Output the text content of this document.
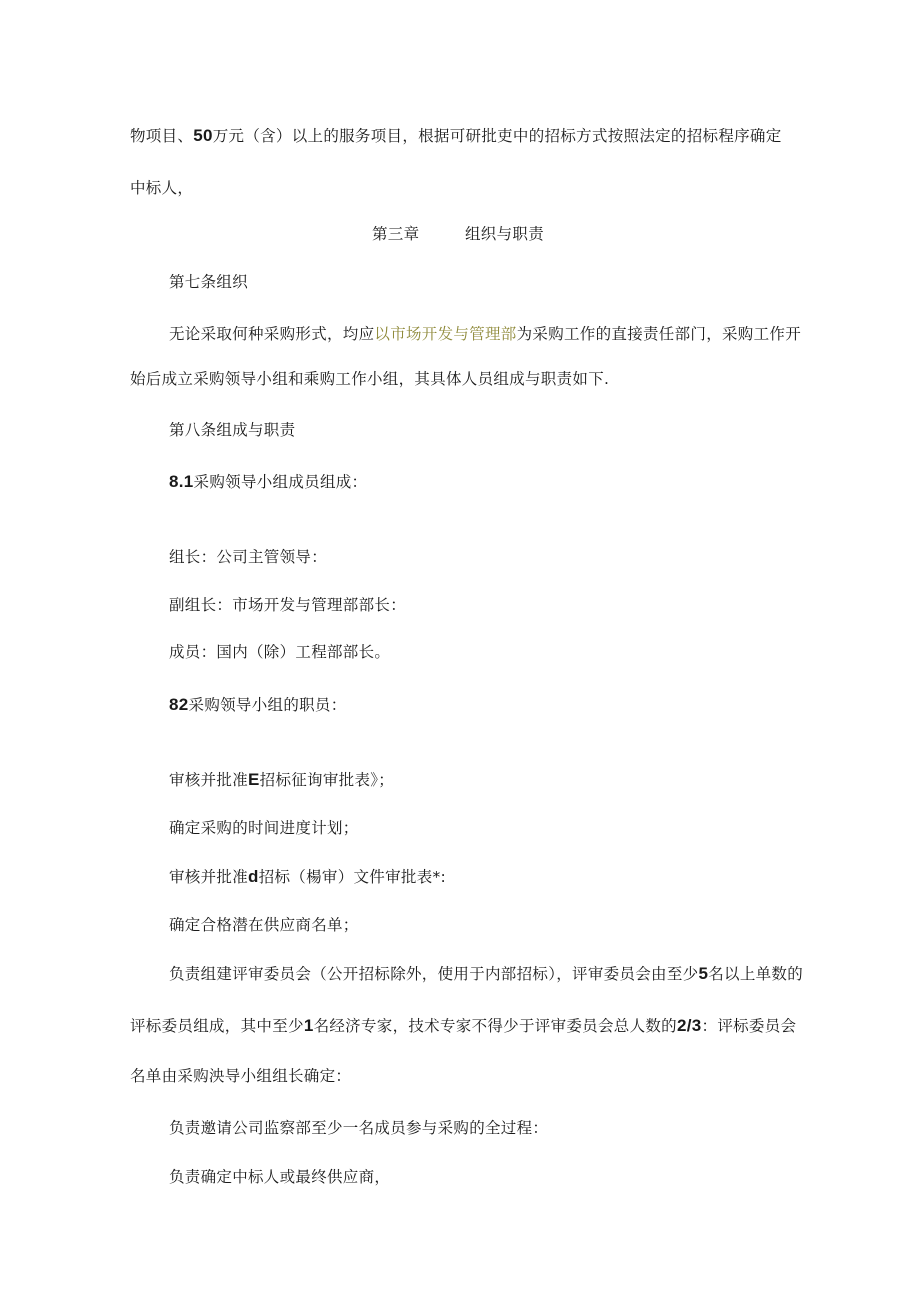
物项目、50万元（含）以上的服务项目，根据可研批吏中的招标方式按照法定的招标程序确定
中标人，
第三章	组织与职责
第七条组织
无论采取何种采购形式，均应以市场开发与管理部为采购工作的直接责任部门，采购工作开
始后成立采购领导小组和乘购工作小组，其具体人员组成与职责如下.
第八条组成与职责
8.1采购领导小组成员组成：
组长：公司主管领导：
副组长：市场开发与管理部部长：
成员：国内（除）工程部部长。
82采购领导小组的职员：
审核并批准E招标征询审批表》；
确定采购的时间进度计划；
审核并批准d招标（楊审）文件审批表*:
确定合格潜在供应商名单；
负责组建评审委员会（公开招标除外，使用于内部招标），评审委员会由至少5名以上单数的
评标委员组成，其中至少1名经济专家，技术专家不得少于评审委员会总人数的2/3：评标委员会
名单由采购泱导小组组长确定：
负责邀请公司监察部至少一名成员参与采购的全过程：
负责确定中标人或最终供应商，
